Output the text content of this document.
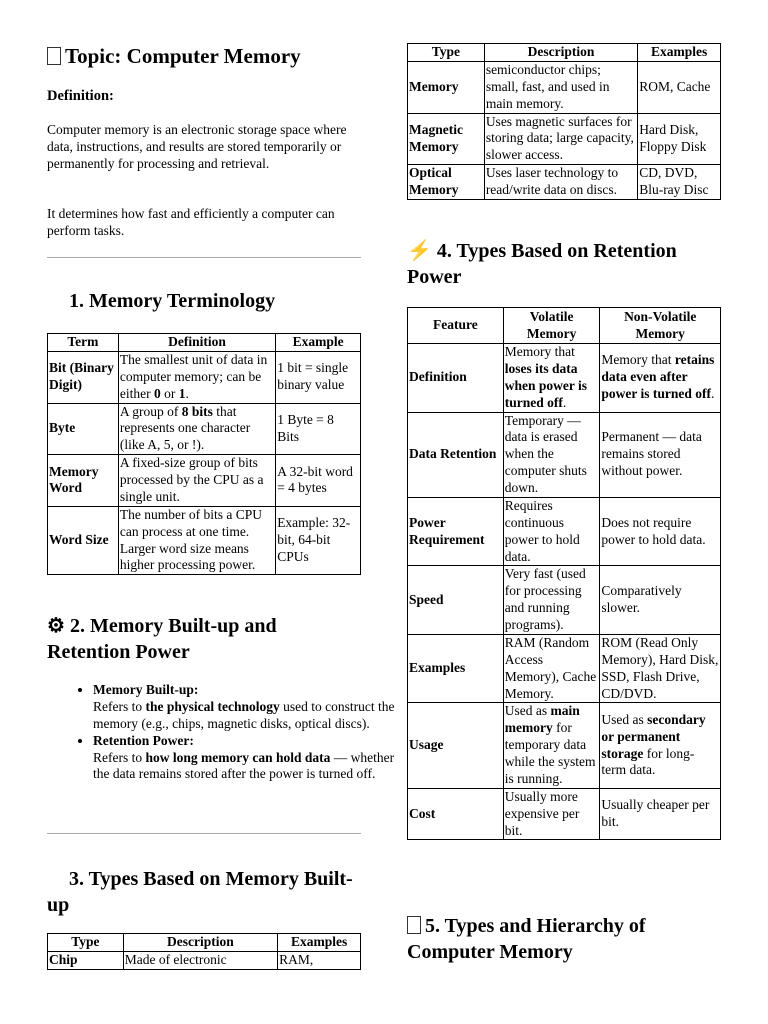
Topic: Computer Memory

Definition:

Computer memory is an electronic storage space where data, instructions, and results are stored temporarily or permanently for processing and retrieval.

It determines how fast and efficiently a computer can perform tasks.

1. Memory Terminology
Term	Definition	Example
Bit (Binary Digit)	The smallest unit of data in computer memory; can be either 0 or 1.	1 bit = single binary value
Byte	A group of 8 bits that represents one character (like A, 5, or !).	1 Byte = 8 Bits
Memory Word	A fixed-size group of bits processed by the CPU as a single unit.	A 32-bit word = 4 bytes
Word Size	The number of bits a CPU can process at one time. Larger word size means higher processing power.	Example: 32-bit, 64-bit CPUs
⚙ 2. Memory Built-up and Retention Power
• Memory Built-up:
Refers to the physical technology used to construct the memory (e.g., chips, magnetic disks, optical discs).
• Retention Power:
Refers to how long memory can hold data — whether the data remains stored after the power is turned off.
3. Types Based on Memory Built-up
Type	Description	Examples
Chip	Made of electronic	RAM,
Type	Description	Examples
Memory	semiconductor chips; small, fast, and used in main memory.	ROM, Cache
Magnetic Memory	Uses magnetic surfaces for storing data; large capacity, slower access.	Hard Disk, Floppy Disk
Optical Memory	Uses laser technology to read/write data on discs.	CD, DVD, Blu-ray Disc
⚡ 4. Types Based on Retention Power
Feature	Volatile Memory	Non-Volatile Memory
Definition	Memory that loses its data when power is turned off.	Memory that retains data even after power is turned off.
Data Retention	Temporary — data is erased when the computer shuts down.	Permanent — data remains stored without power.
Power Requirement	Requires continuous power to hold data.	Does not require power to hold data.
Speed	Very fast (used for processing and running programs).	Comparatively slower.
Examples	RAM (Random Access Memory), Cache Memory.	ROM (Read Only Memory), Hard Disk, SSD, Flash Drive, CD/DVD.
Usage	Used as main memory for temporary data while the system is running.	Used as secondary or permanent storage for long-term data.
Cost	Usually more expensive per bit.	Usually cheaper per bit.
5. Types and Hierarchy of Computer Memory
